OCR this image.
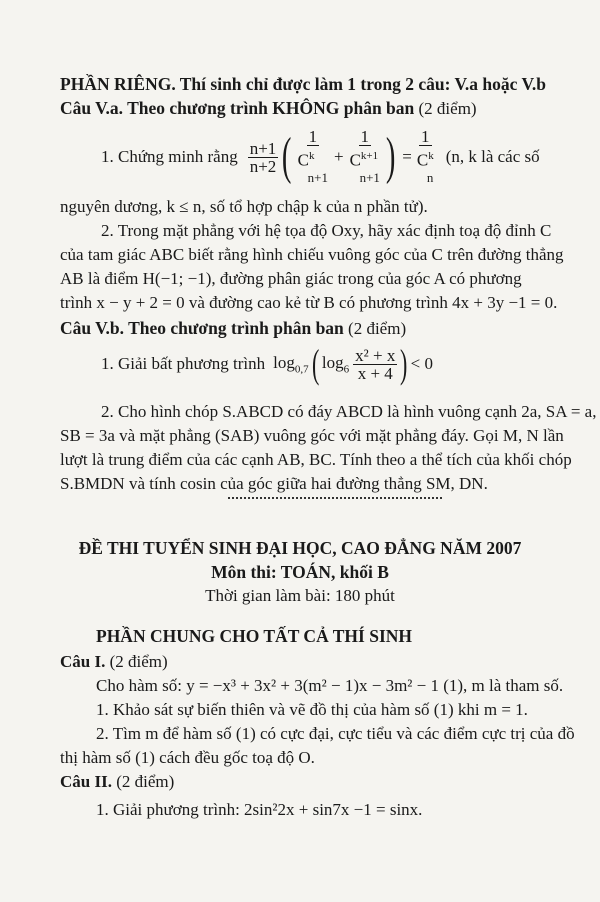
PHẦN RIÊNG. Thí sinh chỉ được làm 1 trong 2 câu: V.a hoặc V.b
Câu V.a. Theo chương trình KHÔNG phân ban (2 điểm)
1. Chứng minh rằng $\frac{n+1}{n+2}$ ( 1
$C^k$
n+1
+
1
$C^{k+1}$
n+1 ) =
1
$C^k$
n
(n, k là các số
nguyên dương, k ≤ n, số tổ hợp chập k của n phần tử).
2. Trong mặt phẳng với hệ tọa độ Oxy, hãy xác định toạ độ đỉnh C
của tam giác ABC biết rằng hình chiếu vuông góc của C trên đường thẳng
AB là điểm H(−1; −1), đường phân giác trong của góc A có phương
trình x − y + 2 = 0 và đường cao kẻ từ B có phương trình 4x + 3y −1 = 0.
Câu V.b. Theo chương trình phân ban (2 điểm)
1. Giải bất phương trình $\log_{0,7}$ ( $\log_6 \frac{\text{x² + x}}{x + 4}$ ) < 0
2. Cho hình chóp S.ABCD có đáy ABCD là hình vuông cạnh 2a, SA = a,
SB = 3a và mặt phẳng (SAB) vuông góc với mặt phẳng đáy. Gọi M, N lần
lượt là trung điểm của các cạnh AB, BC. Tính theo a thể tích của khối chóp
S.BMDN và tính cosin của góc giữa hai đường thẳng SM, DN.
ĐỀ THI TUYỂN SINH ĐẠI HỌC, CAO ĐẲNG NĂM 2007
Môn thi: TOÁN, khối B
Thời gian làm bài: 180 phút
PHẦN CHUNG CHO TẤT CẢ THÍ SINH
Câu I. (2 điểm)
Cho hàm số: y = −x³ + 3x² + 3(m² − 1)x − 3m² − 1 (1), m là tham số.
1. Khảo sát sự biến thiên và vẽ đồ thị của hàm số (1) khi m = 1.
2. Tìm m để hàm số (1) có cực đại, cực tiểu và các điểm cực trị của đồ
thị hàm số (1) cách đều gốc toạ độ O.
Câu II. (2 điểm)
1. Giải phương trình: 2sin²2x + sin7x −1 = sinx.
